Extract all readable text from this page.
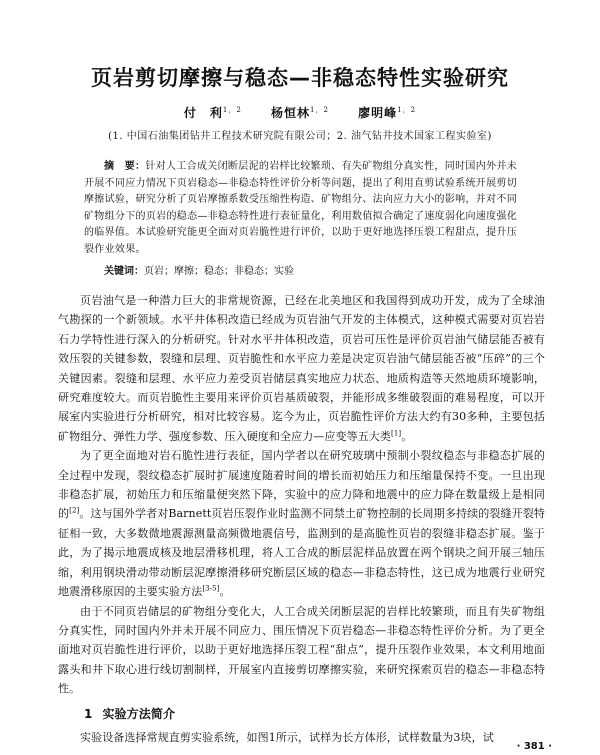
页岩剪切摩擦与稳态—非稳态特性实验研究
付　利$^{1,2}$ 杨恒林$^{1,2}$ 廖明峰$^{1,2}$
(1. 中国石油集团钻井工程技术研究院有限公司；2. 油气钻井技术国家工程实验室)
摘　要：针对人工合成关闭断层泥的岩样比较繁琐、有失矿物组分真实性，同时国内外并未开展不同应力情况下页岩稳态—非稳态特性评价分析等问题，提出了利用直剪试验系统开展剪切摩擦试验，研究分析了页岩摩擦系数受压缩性构造、矿物组分、法向应力大小的影响，并对不同矿物组分下的页岩的稳态—非稳态特性进行表征量化，利用数值拟合确定了速度弱化向速度强化的临界值。本试验研究能更全面对页岩脆性进行评价，以助于更好地选择压裂工程甜点，提升压裂作业效果。
关键词：页岩；摩擦；稳态；非稳态；实验

页岩油气是一种潜力巨大的非常规资源，已经在北美地区和我国得到成功开发，成为了全球油气勘探的一个新领域。水平井体积改造已经成为页岩油气开发的主体模式，这种模式需要对页岩岩石力学特性进行深入的分析研究。针对水平井体积改造，页岩可压性是评价页岩油气储层能否被有效压裂的关键参数，裂缝和层理、页岩脆性和水平应力差是决定页岩油气储层能否被“压碎”的三个关键因素。裂缝和层理、水平应力差受页岩储层真实地应力状态、地质构造等天然地质环境影响，研究难度较大。而页岩脆性主要用来评价页岩基质破裂，并能形成多维破裂面的难易程度，可以开展室内实验进行分析研究，相对比较容易。迄今为止，页岩脆性评价方法大约有30多种，主要包括矿物组分、弹性力学、强度参数、压入硬度和全应力—应变等五大类[1]。

为了更全面地对岩石脆性进行表征，国内学者以在研究玻璃中预制小裂纹稳态与非稳态扩展的全过程中发现，裂纹稳态扩展时扩展速度随着时间的增长而初始压力和压缩量保持不变。一旦出现非稳态扩展，初始压力和压缩量便突然下降，实验中的应力降和地震中的应力降在数量级上是相同的[2]。这与国外学者对Barnett页岩压裂作业时监测不同禁土矿物控制的长周期多持续的裂缝开裂特征相一致，大多数微地震源测量高频微地震信号，监测到的是高脆性页岩的裂缝非稳态扩展。鉴于此，为了揭示地震成核及地层滑移机理，将人工合成的断层泥样品放置在两个钢块之间开展三轴压缩，利用钢块滑动带动断层泥摩擦滑移研究断层区域的稳态—非稳态特性，这已成为地震行业研究地震滑移原因的主要实验方法[3-5]。

由于不同页岩储层的矿物组分变化大，人工合成关闭断层泥的岩样比较繁琐，而且有失矿物组分真实性，同时国内外并未开展不同应力、围压情况下页岩稳态—非稳态特性评价分析。为了更全面地对页岩脆性进行评价，以助于更好地选择压裂工程“甜点”，提升压裂作业效果，本文利用地面露头和井下取心进行线切割制样，开展室内直接剪切摩擦实验，来研究探索页岩的稳态—非稳态特性。

1 实验方法简介

实验设备选择常规直剪实验系统，如图1所示，试样为长方体形，试样数量为3块，试

· 381 ·
